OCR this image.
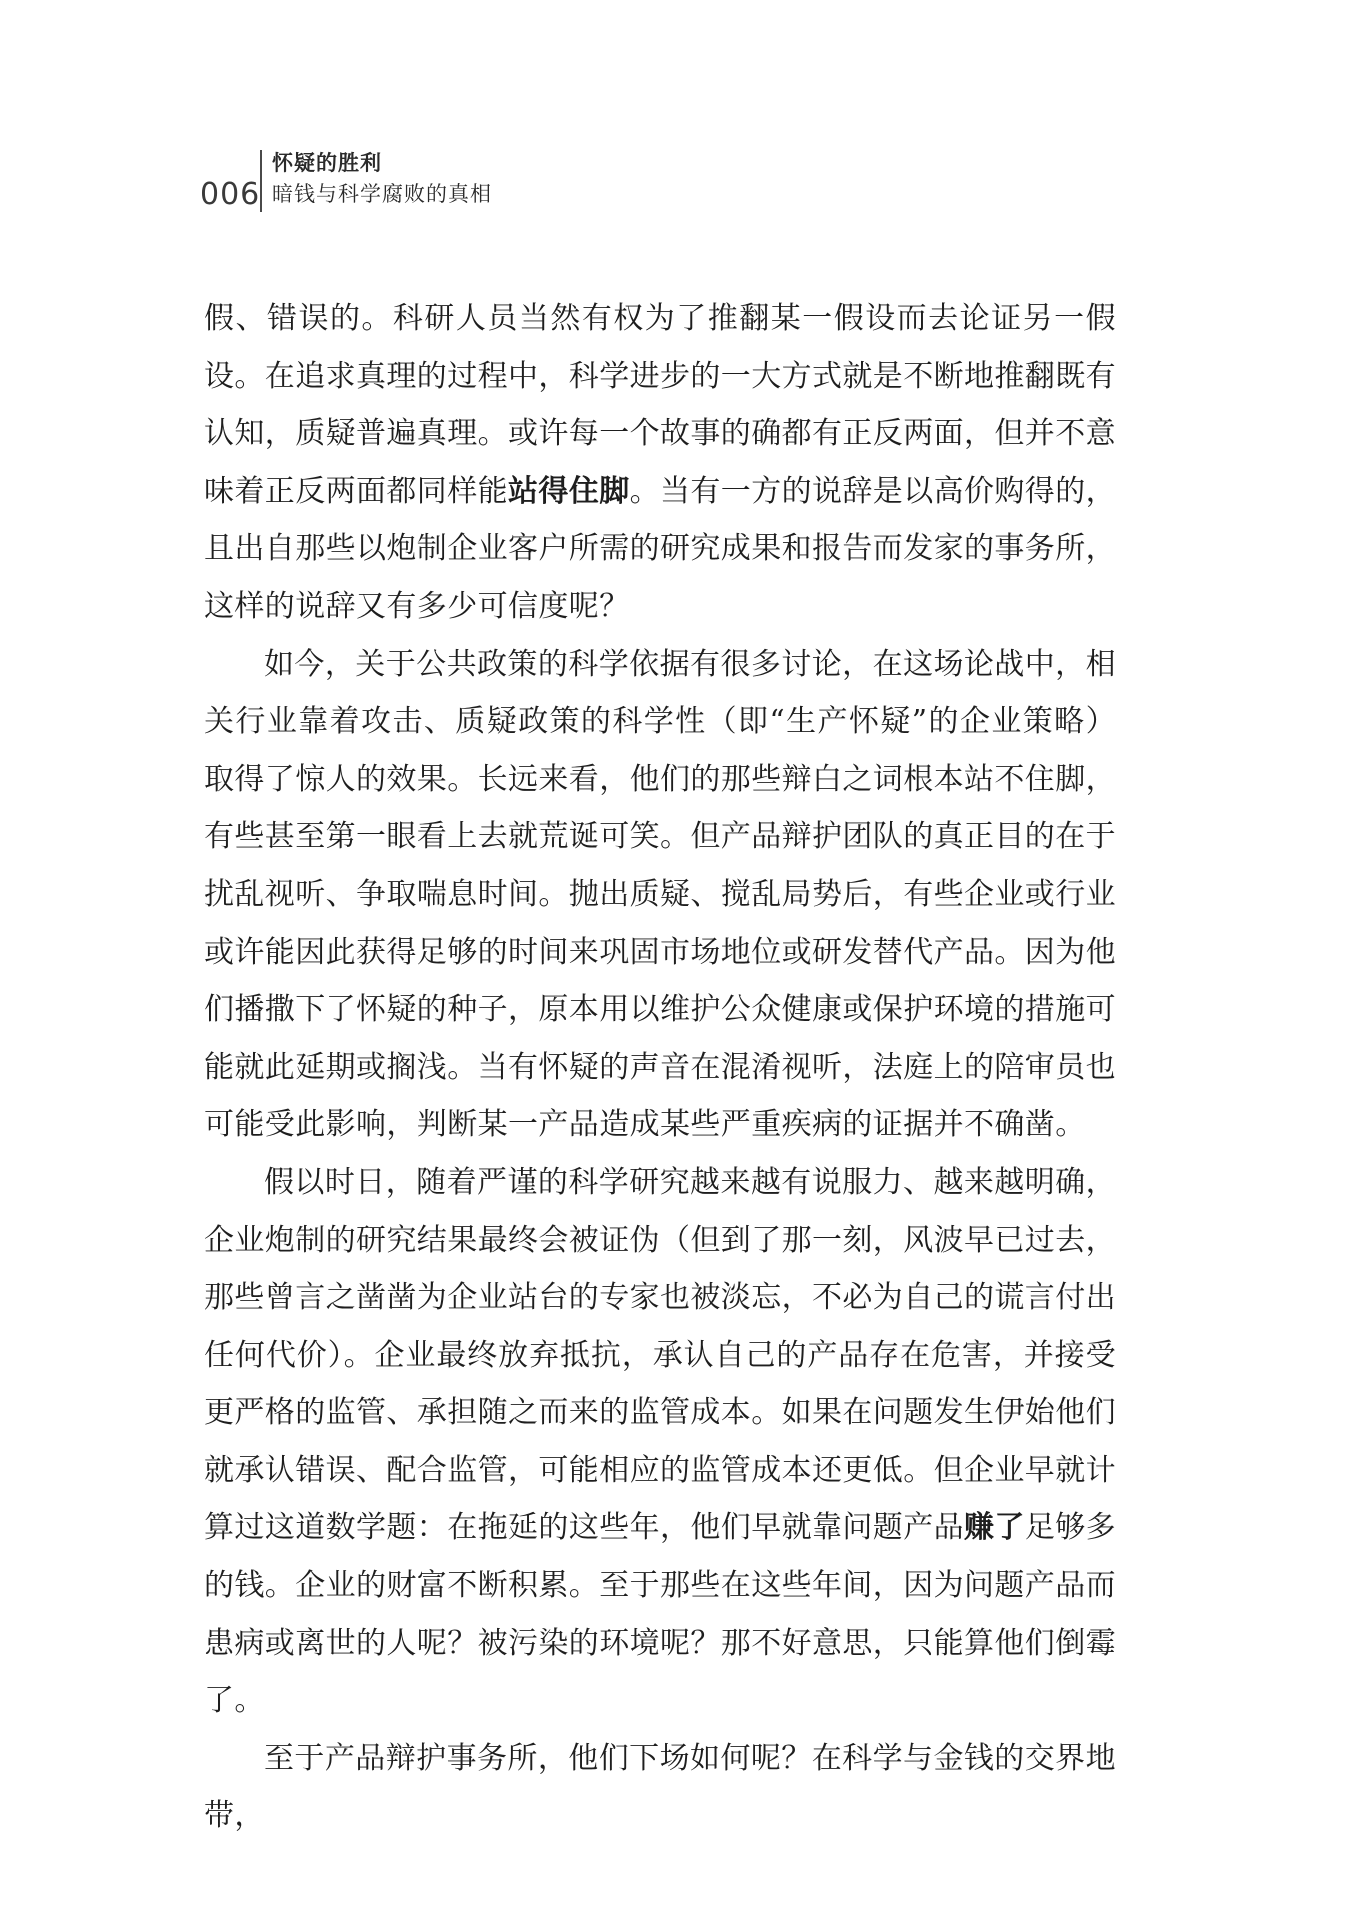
006
怀疑的胜利
暗钱与科学腐败的真相

假、错误的。科研人员当然有权为了推翻某一假设而去论证另一假设。在追求真理的过程中，科学进步的一大方式就是不断地推翻既有认知，质疑普遍真理。或许每一个故事的确都有正反两面，但并不意味着正反两面都同样能站得住脚。当有一方的说辞是以高价购得的，且出自那些以炮制企业客户所需的研究成果和报告而发家的事务所，这样的说辞又有多少可信度呢？

如今，关于公共政策的科学依据有很多讨论，在这场论战中，相关行业靠着攻击、质疑政策的科学性（即“生产怀疑”的企业策略）取得了惊人的效果。长远来看，他们的那些辩白之词根本站不住脚，有些甚至第一眼看上去就荒诞可笑。但产品辩护团队的真正目的在于扰乱视听、争取喘息时间。抛出质疑、搅乱局势后，有些企业或行业或许能因此获得足够的时间来巩固市场地位或研发替代产品。因为他们播撒下了怀疑的种子，原本用以维护公众健康或保护环境的措施可能就此延期或搁浅。当有怀疑的声音在混淆视听，法庭上的陪审员也可能受此影响，判断某一产品造成某些严重疾病的证据并不确凿。

假以时日，随着严谨的科学研究越来越有说服力、越来越明确，企业炮制的研究结果最终会被证伪（但到了那一刻，风波早已过去，那些曾言之凿凿为企业站台的专家也被淡忘，不必为自己的谎言付出任何代价）。企业最终放弃抵抗，承认自己的产品存在危害，并接受更严格的监管、承担随之而来的监管成本。如果在问题发生伊始他们就承认错误、配合监管，可能相应的监管成本还更低。但企业早就计算过这道数学题：在拖延的这些年，他们早就靠问题产品赚了足够多的钱。企业的财富不断积累。至于那些在这些年间，因为问题产品而患病或离世的人呢？被污染的环境呢？那不好意思，只能算他们倒霉了。

至于产品辩护事务所，他们下场如何呢？在科学与金钱的交界地带，
